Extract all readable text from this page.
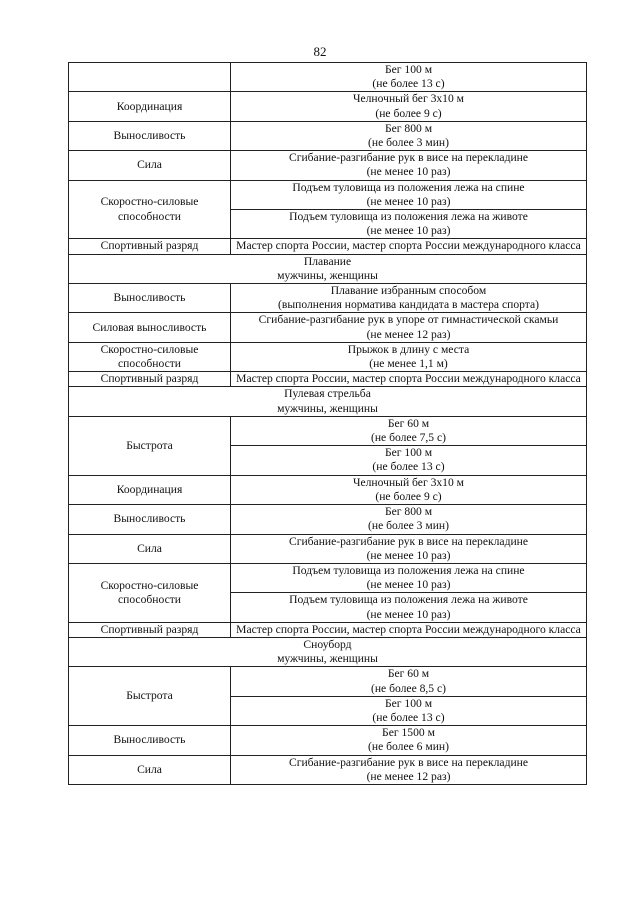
82

	Бег 100 м
(не более 13 с)

Координация	Челночный бег 3x10 м
(не более 9 с)

Выносливость	Бег 800 м
(не более 3 мин)

Сила	Сгибание-разгибание рук в висе на перекладине
(не менее 10 раз)

Скоростно-силовые способности	Подъем туловища из положения лежа на спине
(не менее 10 раз)

	Подъем туловища из положения лежа на животе
(не менее 10 раз)

Спортивный разряд	Мастер спорта России, мастер спорта России международного класса

Плавание
мужчины, женщины	

Выносливость	Плавание избранным способом
(выполнения норматива кандидата в мастера спорта)

Силовая выносливость	Сгибание-разгибание рук в упоре от гимнастической скамьи
(не менее 12 раз)

Скоростно-силовые способности	Прыжок в длину с места
(не менее 1,1 м)

Спортивный разряд	Мастер спорта России, мастер спорта России международного класса

Пулевая стрельба
мужчины, женщины	

Быстрота	Бег 60 м
(не более 7,5 с)

	Бег 100 м
(не более 13 с)

Координация	Челночный бег 3x10 м
(не более 9 с)

Выносливость	Бег 800 м
(не более 3 мин)

Сила	Сгибание-разгибание рук в висе на перекладине
(не менее 10 раз)

Скоростно-силовые способности	Подъем туловища из положения лежа на спине
(не менее 10 раз)

	Подъем туловища из положения лежа на животе
(не менее 10 раз)

Спортивный разряд	Мастер спорта России, мастер спорта России международного класса

Сноуборд
мужчины, женщины	

Быстрота	Бег 60 м
(не более 8,5 с)

	Бег 100 м
(не более 13 с)

Выносливость	Бег 1500 м
(не более 6 мин)

Сила	Сгибание-разгибание рук в висе на перекладине
(не менее 12 раз)
